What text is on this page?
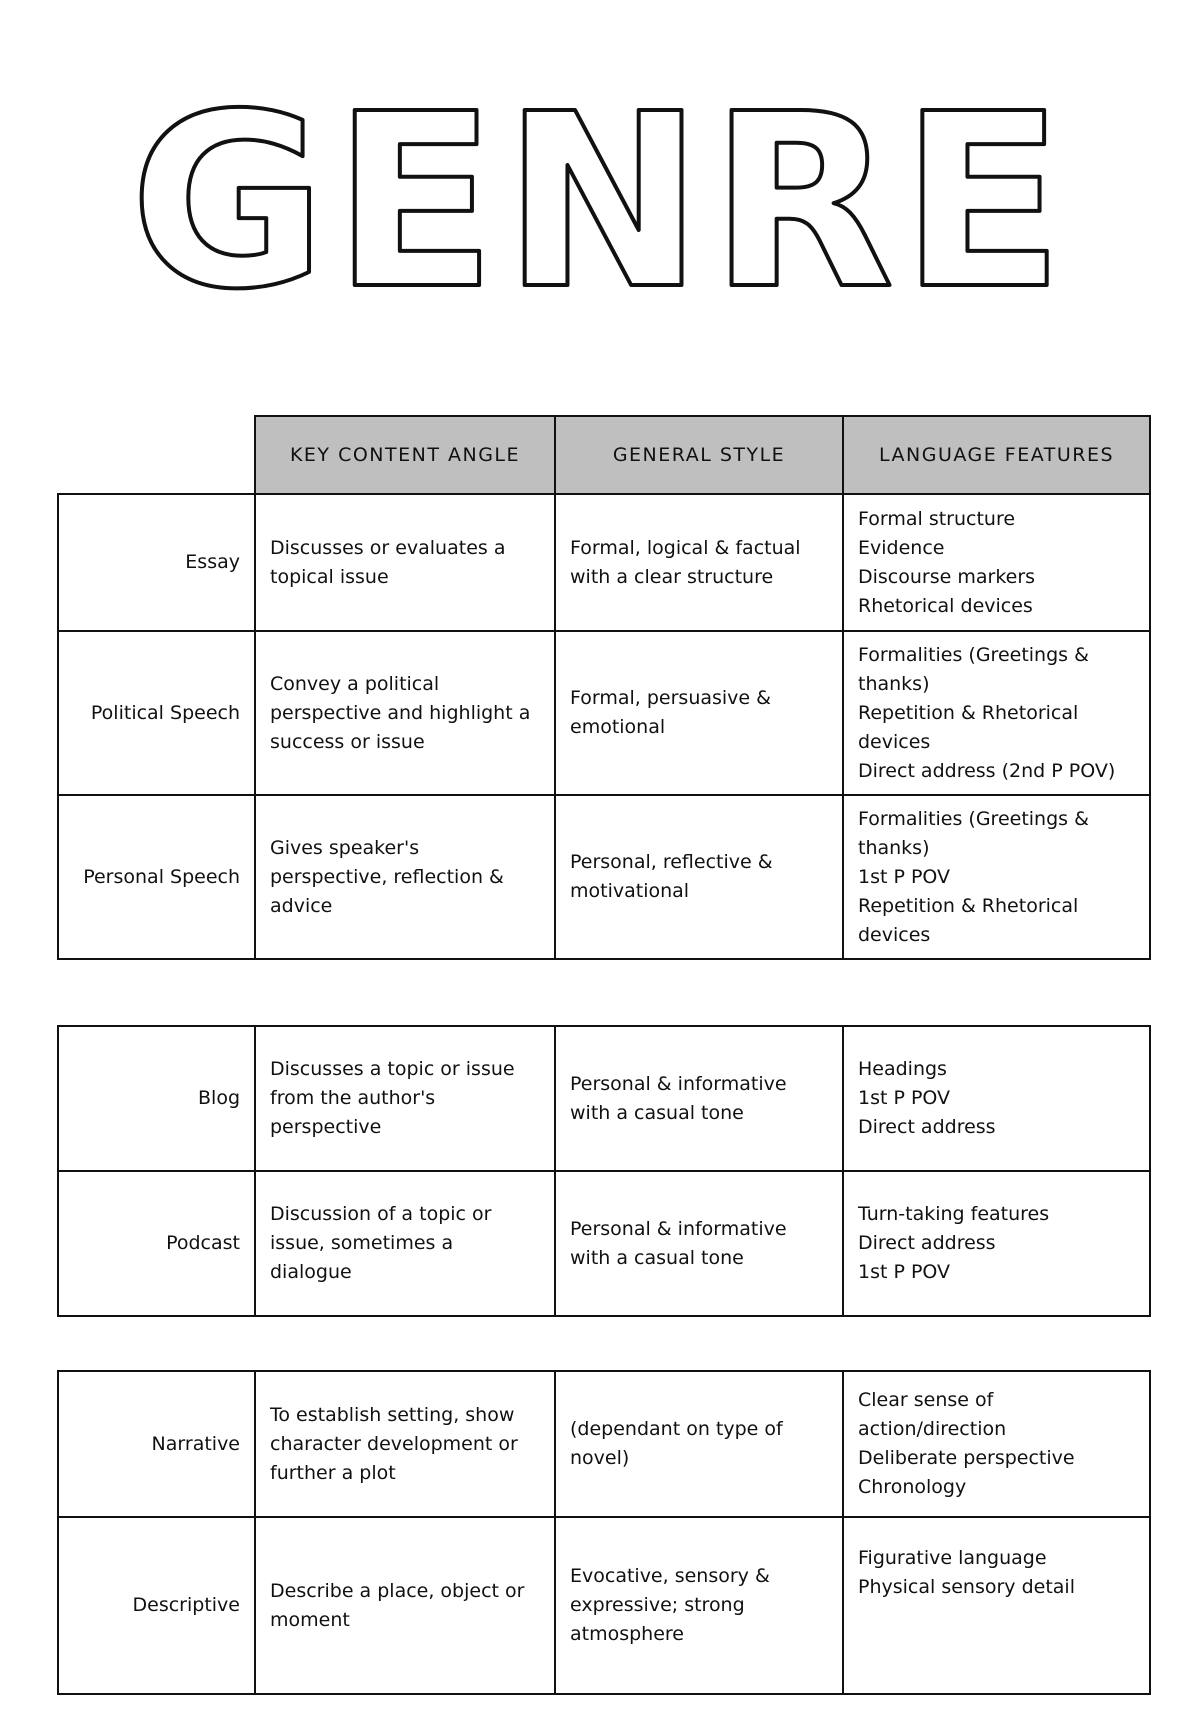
GENRE
	KEY CONTENT ANGLE	GENERAL STYLE	LANGUAGE FEATURES
Essay	Discusses or evaluates a topical issue	Formal, logical & factual with a clear structure	Formal structure
Evidence
Discourse markers
Rhetorical devices

Political Speech	Convey a political perspective and highlight a success or issue	Formal, persuasive & emotional	Formalities (Greetings & thanks)
Repetition & Rhetorical devices
Direct address (2nd P POV)

Personal Speech	Gives speaker's perspective, reflection & advice	Personal, reflective & motivational	Formalities (Greetings & thanks)
1st P POV
Repetition & Rhetorical devices
Blog	Discusses a topic or issue from the author's perspective	Personal & informative with a casual tone	Headings
1st P POV
Direct address

Podcast	Discussion of a topic or issue, sometimes a dialogue	Personal & informative with a casual tone	Turn-taking features
Direct address
1st P POV
Narrative	To establish setting, show character development or further a plot	(dependant on type of novel)	Clear sense of action/direction
Deliberate perspective
Chronology

Descriptive	Describe a place, object or moment	Evocative, sensory & expressive; strong atmosphere	Figurative language
Physical sensory detail
